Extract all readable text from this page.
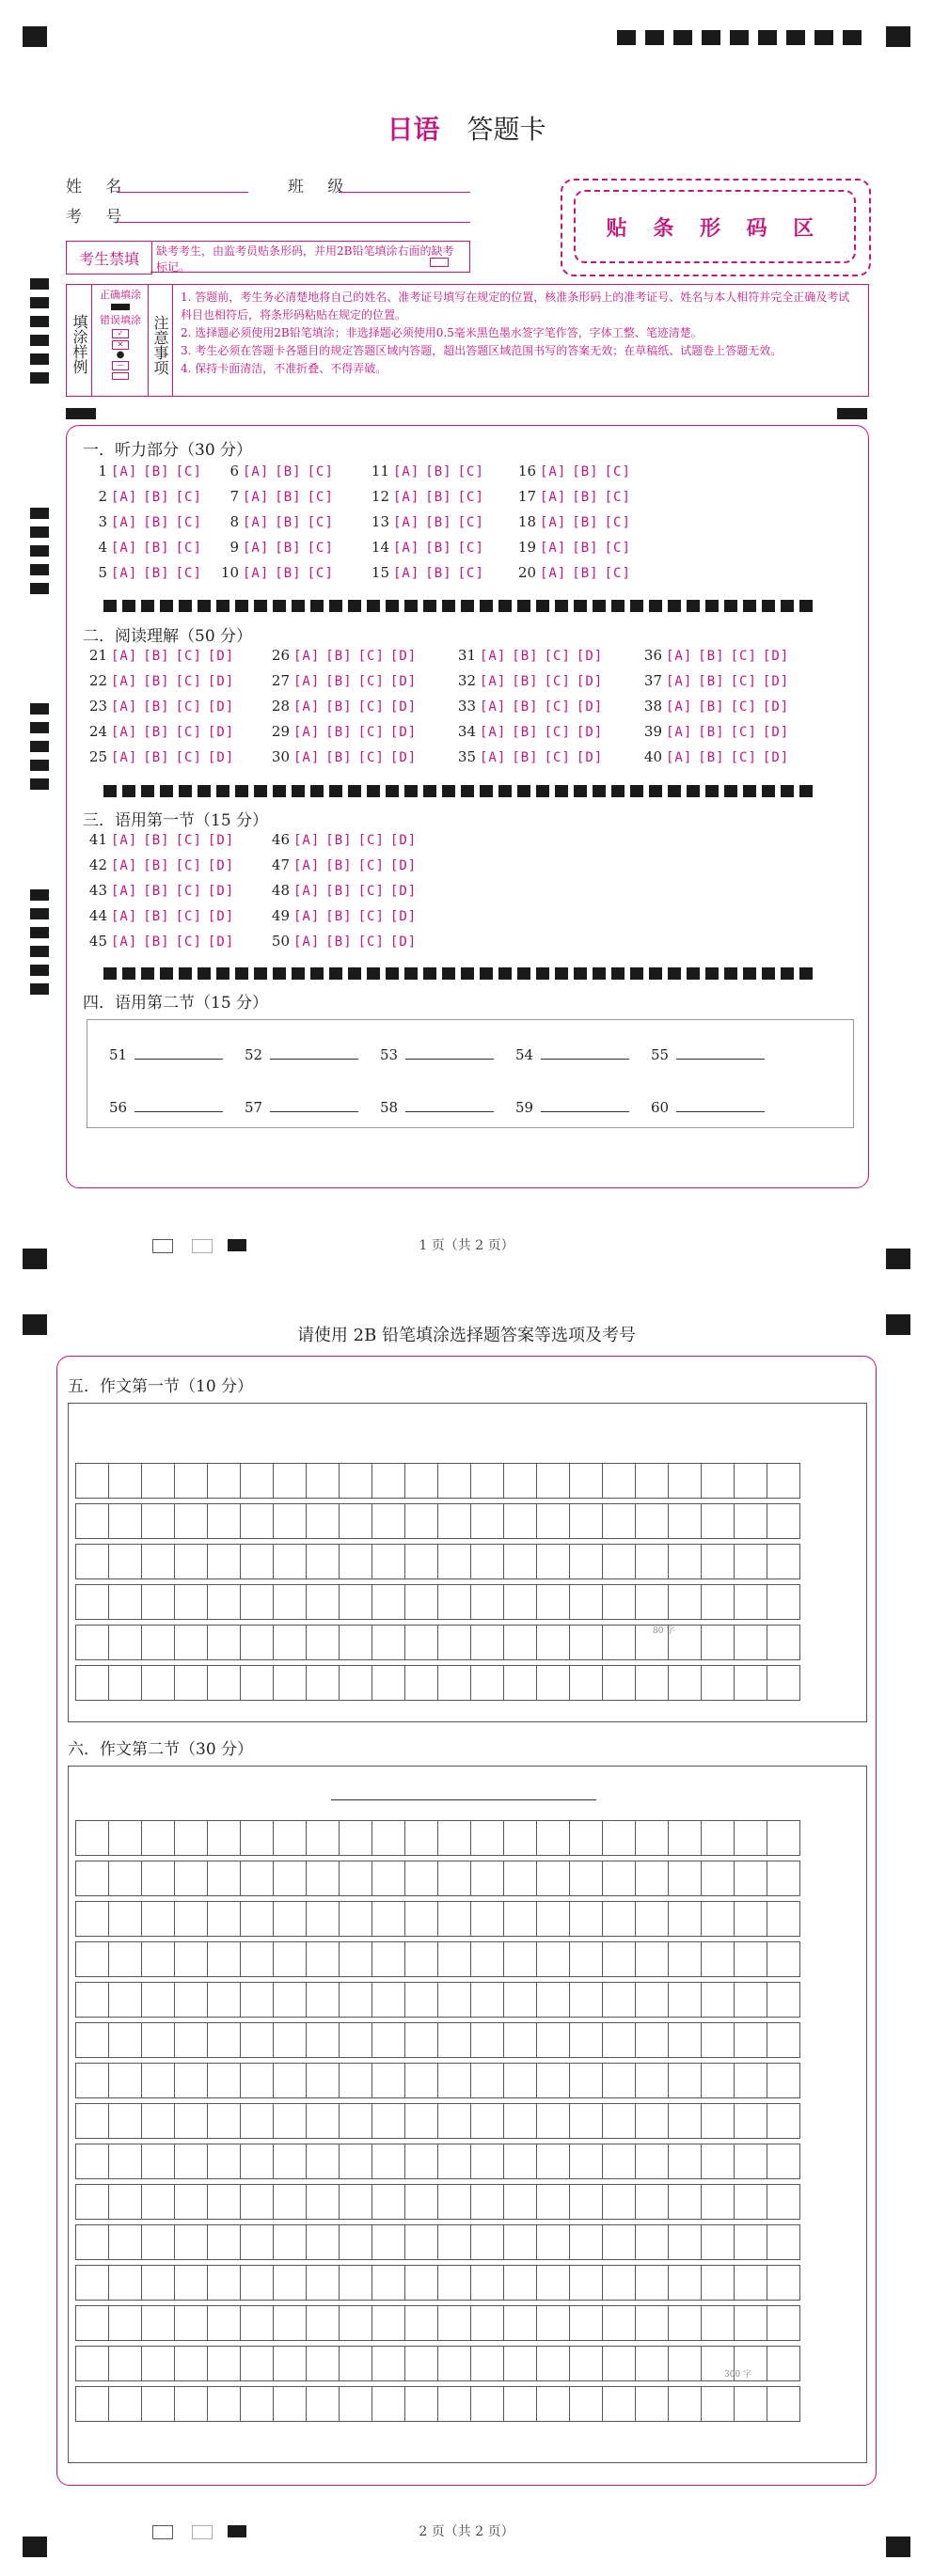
日语 答题卡
姓 名	班 级
考 号	贴 条 形 码 区
考生禁填	缺考考生，由监考员贴条形码，并用2B铅笔填涂右面的缺考标记。
填涂样例
正确填涂
错误填涂
✓
✕
●
—	注意事项
1. 答题前，考生务必清楚地将自己的姓名、准考证号填写在规定的位置，核准条形码上的准考证号、姓名与本人相符并完全正确及考试科目也相符后，将条形码粘贴在规定的位置。
2. 选择题必须使用2B铅笔填涂；非选择题必须使用0.5毫米黑色墨水签字笔作答，字体工整、笔迹清楚。
3. 考生必须在答题卡各题目的规定答题区域内答题，超出答题区域范围书写的答案无效；在草稿纸、试题卷上答题无效。
4. 保持卡面清洁，不准折叠、不得弄破。
一．听力部分（30 分）
1 [A] [B] [C]
2 [A] [B] [C]
3 [A] [B] [C]
4 [A] [B] [C]
5 [A] [B] [C]
6 [A] [B] [C]
7 [A] [B] [C]
8 [A] [B] [C]
9 [A] [B] [C]
10 [A] [B] [C]
11 [A] [B] [C]
12 [A] [B] [C]
13 [A] [B] [C]
14 [A] [B] [C]
15 [A] [B] [C]
16 [A] [B] [C]
17 [A] [B] [C]
18 [A] [B] [C]
19 [A] [B] [C]
20 [A] [B] [C]
二．阅读理解（50 分）
21 [A] [B] [C] [D]
22 [A] [B] [C] [D]
23 [A] [B] [C] [D]
24 [A] [B] [C] [D]
25 [A] [B] [C] [D]
26 [A] [B] [C] [D]
27 [A] [B] [C] [D]
28 [A] [B] [C] [D]
29 [A] [B] [C] [D]
30 [A] [B] [C] [D]
31 [A] [B] [C] [D]
32 [A] [B] [C] [D]
33 [A] [B] [C] [D]
34 [A] [B] [C] [D]
35 [A] [B] [C] [D]
36 [A] [B] [C] [D]
37 [A] [B] [C] [D]
38 [A] [B] [C] [D]
39 [A] [B] [C] [D]
40 [A] [B] [C] [D]
三．语用第一节（15 分）
41 [A] [B] [C] [D]
42 [A] [B] [C] [D]
43 [A] [B] [C] [D]
44 [A] [B] [C] [D]
45 [A] [B] [C] [D]
46 [A] [B] [C] [D]
47 [A] [B] [C] [D]
48 [A] [B] [C] [D]
49 [A] [B] [C] [D]
50 [A] [B] [C] [D]
四．语用第二节（15 分）
51	52	53	54	55
56	57	58	59	60
1 页（共 2 页）
请使用 2B 铅笔填涂选择题答案等选项及考号
五．作文第一节（10 分）

80 字
六．作文第二节（30 分）

300 字
2 页（共 2 页）
